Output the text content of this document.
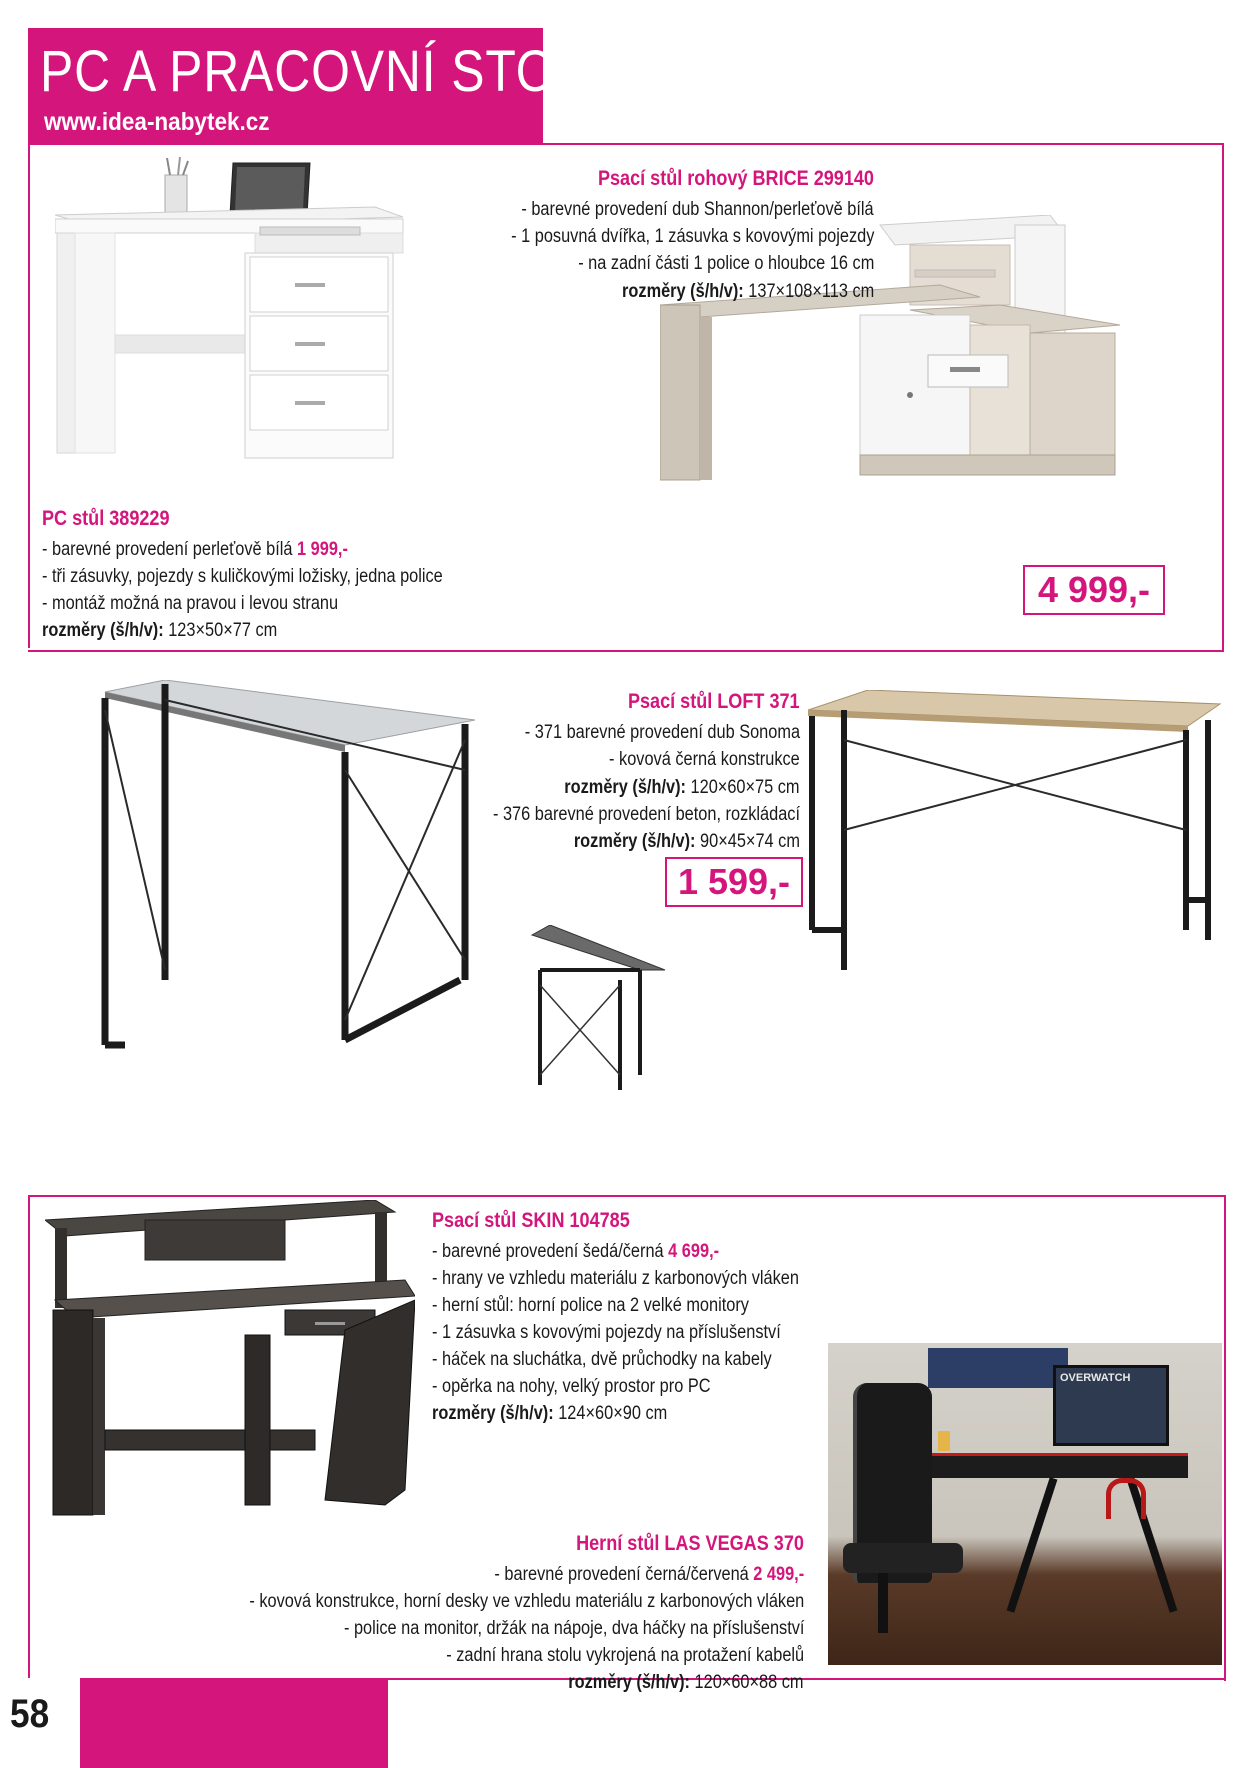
PC A PRACOVNÍ STOLY
www.idea-nabytek.cz
Psací stůl rohový BRICE 299140
- barevné provedení dub Shannon/perleťově bílá
- 1 posuvná dvířka, 1 zásuvka s kovovými pojezdy
- na zadní části 1 police o hloubce 16 cm
rozměry (š/h/v): 137×108×113 cm
4 999,-
PC stůl 389229
- barevné provedení perleťově bílá 1 999,-
- tři zásuvky, pojezdy s kuličkovými ložisky, jedna police
- montáž možná na pravou i levou stranu
rozměry (š/h/v): 123×50×77 cm
Psací stůl LOFT 371
- 371 barevné provedení dub Sonoma
- kovová černá konstrukce
rozměry (š/h/v): 120×60×75 cm
- 376 barevné provedení beton, rozkládací
rozměry (š/h/v): 90×45×74 cm
1 599,-
Psací stůl SKIN 104785
- barevné provedení šedá/černá 4 699,-
- hrany ve vzhledu materiálu z karbonových vláken
- herní stůl: horní police na 2 velké monitory
- 1 zásuvka s kovovými pojezdy na příslušenství
- háček na sluchátka, dvě průchodky na kabely
- opěrka na nohy, velký prostor pro PC
rozměry (š/h/v): 124×60×90 cm
OVERWATCH
Herní stůl LAS VEGAS 370
- barevné provedení černá/červená 2 499,-
- kovová konstrukce, horní desky ve vzhledu materiálu z karbonových vláken
- police na monitor, držák na nápoje, dva háčky na příslušenství
- zadní hrana stolu vykrojená na protažení kabelů
rozměry (š/h/v): 120×60×88 cm
58
